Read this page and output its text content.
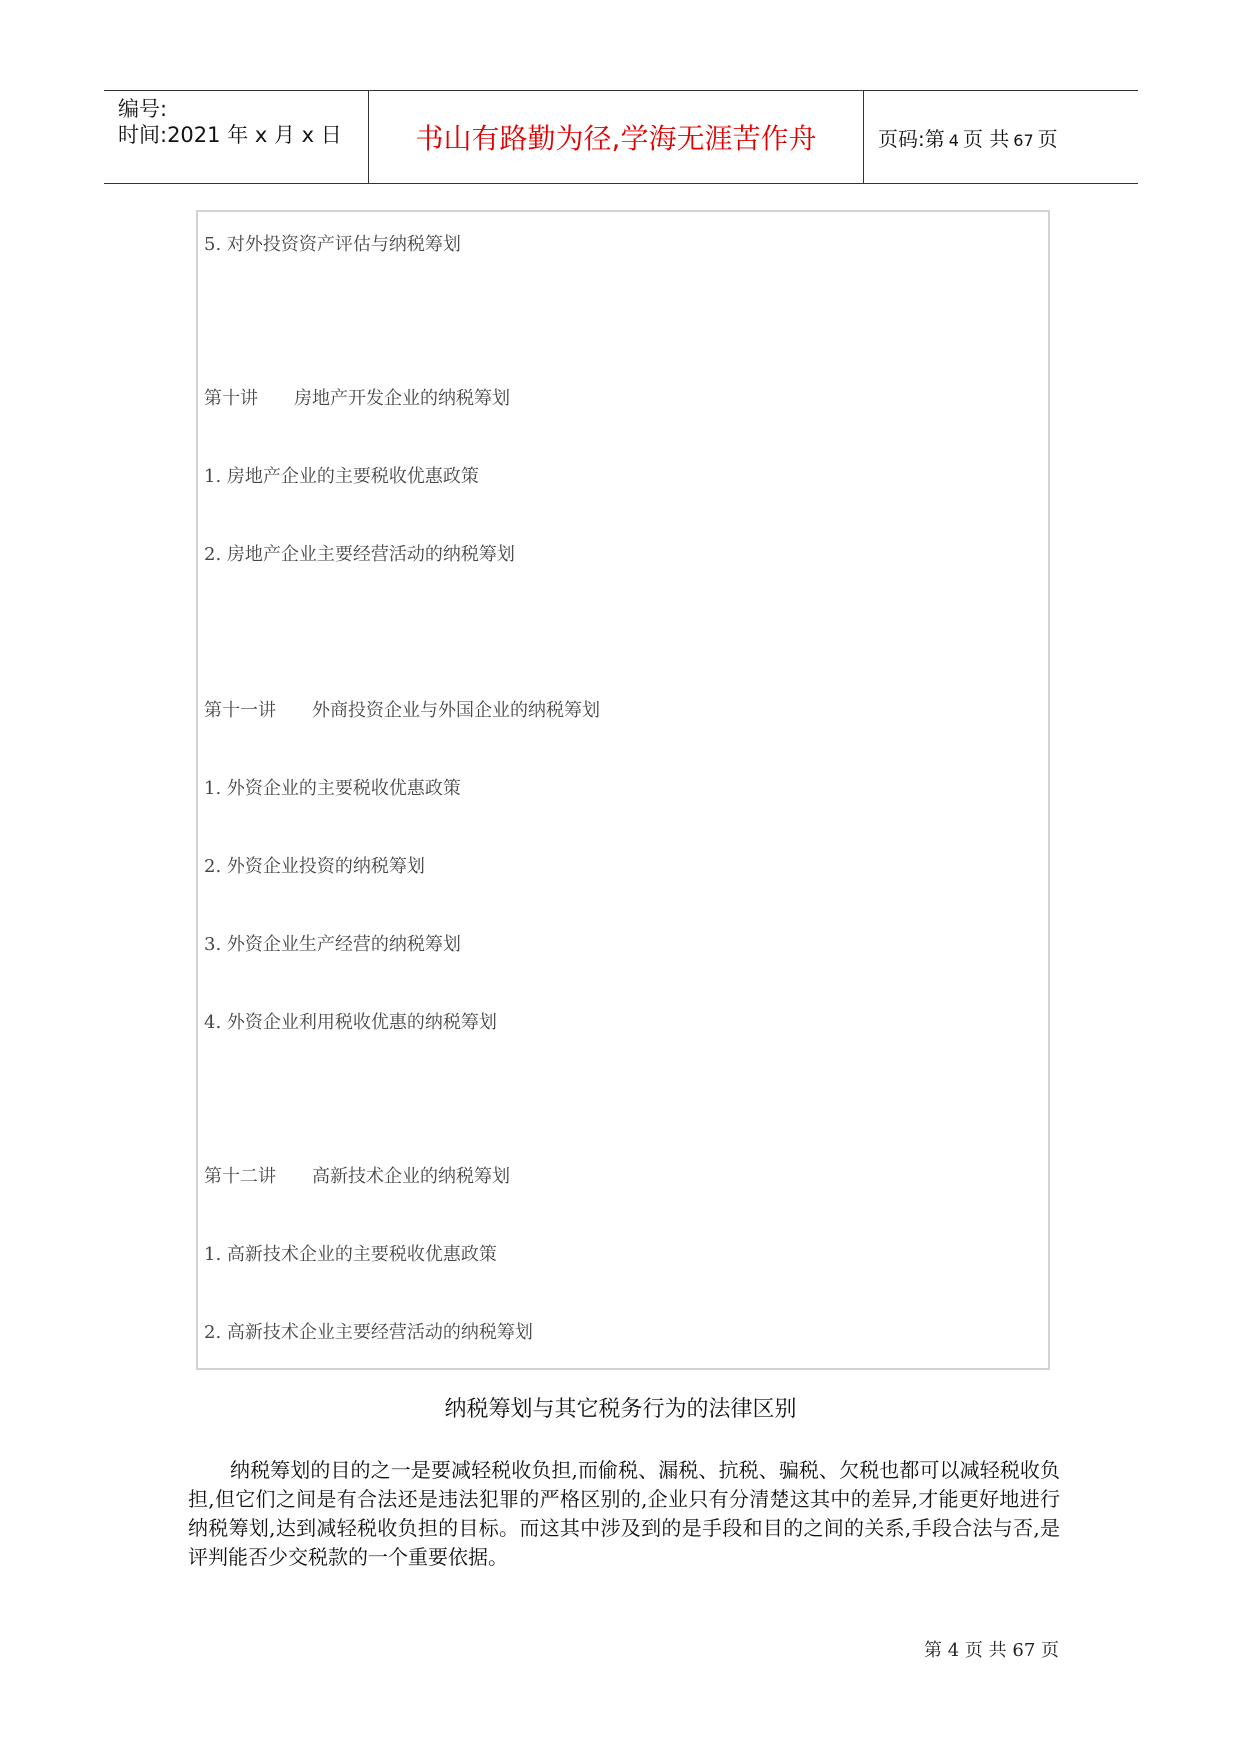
编号:
时间:2021 年 x 月 x 日	书山有路勤为径,学海无涯苦作舟	页码:第 4 页 共 67 页
5. 对外投资资产评估与纳税筹划
第十讲　　房地产开发企业的纳税筹划
1. 房地产企业的主要税收优惠政策
2. 房地产企业主要经营活动的纳税筹划
第十一讲　　外商投资企业与外国企业的纳税筹划
1. 外资企业的主要税收优惠政策
2. 外资企业投资的纳税筹划
3. 外资企业生产经营的纳税筹划
4. 外资企业利用税收优惠的纳税筹划
第十二讲　　高新技术企业的纳税筹划
1. 高新技术企业的主要税收优惠政策
2. 高新技术企业主要经营活动的纳税筹划
纳税筹划与其它税务行为的法律区别
纳税筹划的目的之一是要减轻税收负担,而偷税、漏税、抗税、骗税、欠税也都可以减轻税收负担,但它们之间是有合法还是违法犯罪的严格区别的,企业只有分清楚这其中的差异,才能更好地进行纳税筹划,达到减轻税收负担的目标。而这其中涉及到的是手段和目的之间的关系,手段合法与否,是评判能否少交税款的一个重要依据。
第 4 页 共 67 页
